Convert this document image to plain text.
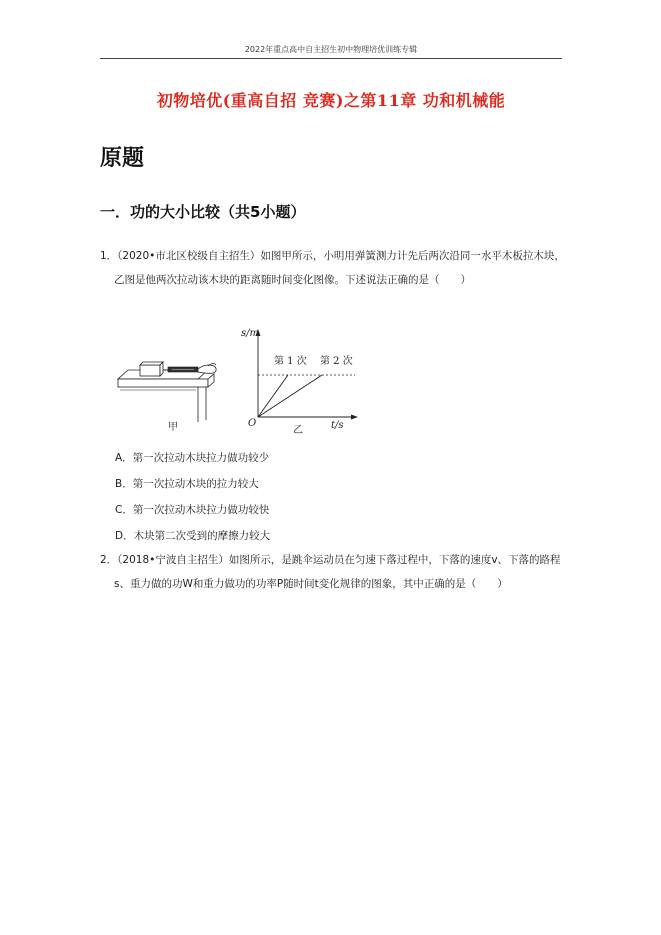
2022年重点高中自主招生初中物理培优训练专辑
初物培优(重高自招 竞赛)之第11章 功和机械能
原题
一．功的大小比较（共5小题）
1．（2020•市北区校级自主招生）如图甲所示，小明用弹簧测力计先后两次沿同一水平木板拉木块，
乙图是他两次拉动该木块的距离随时间变化图像。下述说法正确的是（　　）
甲
s/m
t/s
O
第 1 次 第 2 次
乙
A．第一次拉动木块拉力做功较少
B．第一次拉动木块的拉力较大
C．第一次拉动木块拉力做功较快
D．木块第二次受到的摩擦力较大
2．（2018•宁波自主招生）如图所示，是跳伞运动员在匀速下落过程中，下落的速度v、下落的路程
s、重力做的功W和重力做功的功率P随时间t变化规律的图象，其中正确的是（　　）
